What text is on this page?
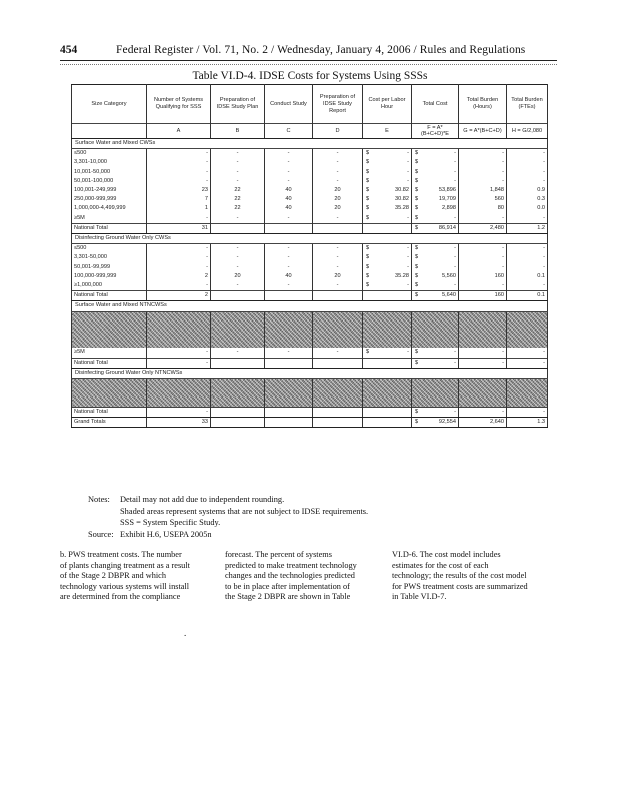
454	Federal Register / Vol. 71, No. 2 / Wednesday, January 4, 2006 / Rules and Regulations
Table VI.D-4. IDSE Costs for Systems Using SSSs
Size Category	Number of Systems Qualifying for SSS	Preparation of IDSE Study Plan	Conduct Study	Preparation of IDSE Study Report	Cost per Labor Hour	Total Cost	Total Burden (Hours)	Total Burden (FTEs)
	A	B	C	D	E	F = A*(B+C+D)*E	G = A*(B+C+D)	H = G/2,080
Surface Water and Mixed CWSs								
≤500	-	-	-	-	$ -	$ -	-	-
3,301-10,000	-	-	-	-	$ -	$ -	-	-
10,001-50,000	-	-	-	-	$ -	$ -	-	-
50,001-100,000	-	-	-	-	$ -	$ -	-	-
100,001-249,999	23	22	40	20	$ 30.82	$ 53,896	1,848	0.9
250,000-999,999	7	22	40	20	$ 30.82	$ 19,709	560	0.3
1,000,000-4,499,999	1	22	40	20	$ 35.28	$ 2,898	80	0.0
≥5M	-	-	-	-	$ -	$ -	-	-
National Total	31					$ 86,914	2,480	1.2
Disinfecting Ground Water Only CWSs								
≤500	-	-	-	-	$ -	$ -	-	-
3,301-50,000	-	-	-	-	$ -	$ -	-	-
50,001-99,999	-	-	-	-	$ -	$ -	-	-
100,000-999,999	2	20	40	20	$ 35.28	$ 5,560	160	0.1
≥1,000,000	-	-	-	-	$ -	$ -	-	-
National Total	2					$ 5,640	160	0.1
Surface Water and Mixed NTNCWSs								

≥5M	-	-	-	-	$ -	$ -	-	-
National Total	-					$ -	-	-
Disinfecting Ground Water Only NTNCWSs								

National Total	-					$ -	-	-
Grand Totals	33					$ 92,554	2,640	1.3
Notes: Detail may not add due to independent rounding.
Shaded areas represent systems that are not subject to IDSE requirements.
SSS = System Specific Study.
Source: Exhibit H.6, USEPA 2005n
b. PWS treatment costs. The number
of plants changing treatment as a result
of the Stage 2 DBPR and which
technology various systems will install
are determined from the compliance
forecast. The percent of systems
predicted to make treatment technology
changes and the technologies predicted
to be in place after implementation of
the Stage 2 DBPR are shown in Table
VI.D-6. The cost model includes
estimates for the cost of each
technology; the results of the cost model
for PWS treatment costs are summarized
in Table VI.D-7.
.
